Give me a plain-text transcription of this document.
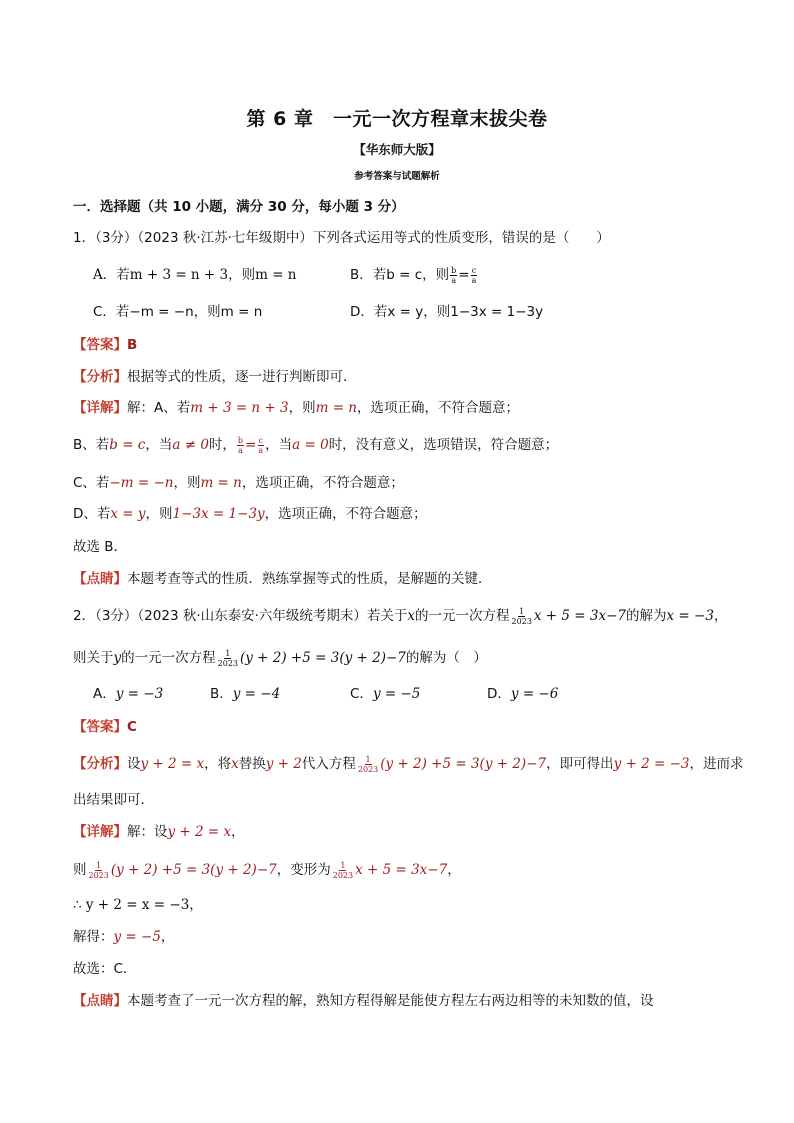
第 6 章　一元一次方程章末拔尖卷
【华东师大版】
参考答案与试题解析
一．选择题（共 10 小题，满分 30 分，每小题 3 分）
1．（3分）（2023 秋·江苏·七年级期中）下列各式运用等式的性质变形，错误的是（　　）
A．若m + 3 = n + 3，则m = n	B．若b = c，则 $\frac{b}{a} = \frac{c}{a}$
C．若−m = −n，则m = n	D．若x = y，则1−3x = 1−3y
【答案】B
【分析】根据等式的性质，逐一进行判断即可．
【详解】解：A、若m + 3 = n + 3，则m = n，选项正确，不符合题意；
B、若b = c，当a ≠ 0时， $\frac{b}{a} = \frac{c}{a}$ ，当a = 0时，没有意义，选项错误，符合题意；
C、若−m = −n，则m = n，选项正确，不符合题意；
D、若x = y，则1−3x = 1−3y，选项正确，不符合题意；
故选 B．
【点睛】本题考查等式的性质．熟练掌握等式的性质，是解题的关键．
2．（3分）（2023 秋·山东泰安·六年级统考期末）若关于x的一元一次方程 $\frac{1}{2023}$ x + 5 = 3x−7的解为x = −3，
则关于y的一元一次方程 $\frac{1}{2023} (y + 2) +5 = 3(y + 2)-7$的解为（　）
A．y = −3	B．y = −4	C．y = −5	D．y = −6
【答案】C
【分析】设y + 2 = x，将x替换y + 2代入方程 $\frac{1}{2023} (y + 2) +5 = 3(y + 2)-7$，即可得出y + 2 = −3，进而求
出结果即可．
【详解】解：设y + 2 = x，
则 $\frac{1}{2023} (y + 2) +5 = 3(y + 2)-7$，变形为 $\frac{1}{2023}$ x + 5 = 3x−7，
∴ y + 2 = x = −3，
解得：y = −5，
故选：C．
【点睛】本题考查了一元一次方程的解，熟知方程得解是能使方程左右两边相等的未知数的值，设
